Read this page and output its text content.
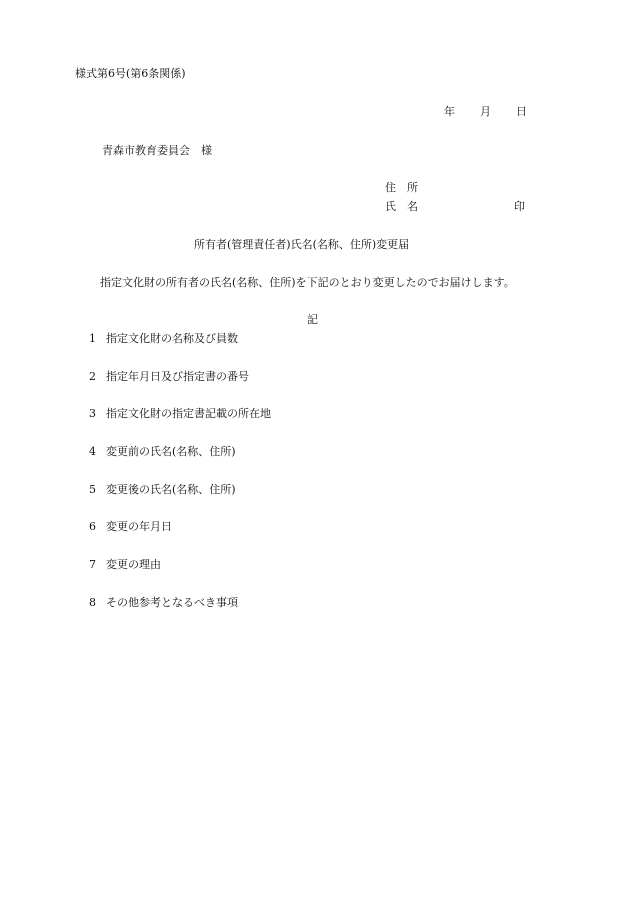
様式第6号(第6条関係)
年 月 日
青森市教育委員会　様
住　所
氏　名	印
所有者(管理責任者)氏名(名称、住所)変更届
指定文化財の所有者の氏名(名称、住所)を下記のとおり変更したのでお届けします。
記
1 指定文化財の名称及び員数
2 指定年月日及び指定書の番号
3 指定文化財の指定書記載の所在地
4 変更前の氏名(名称、住所)
5 変更後の氏名(名称、住所)
6 変更の年月日
7 変更の理由
8 その他参考となるべき事項
